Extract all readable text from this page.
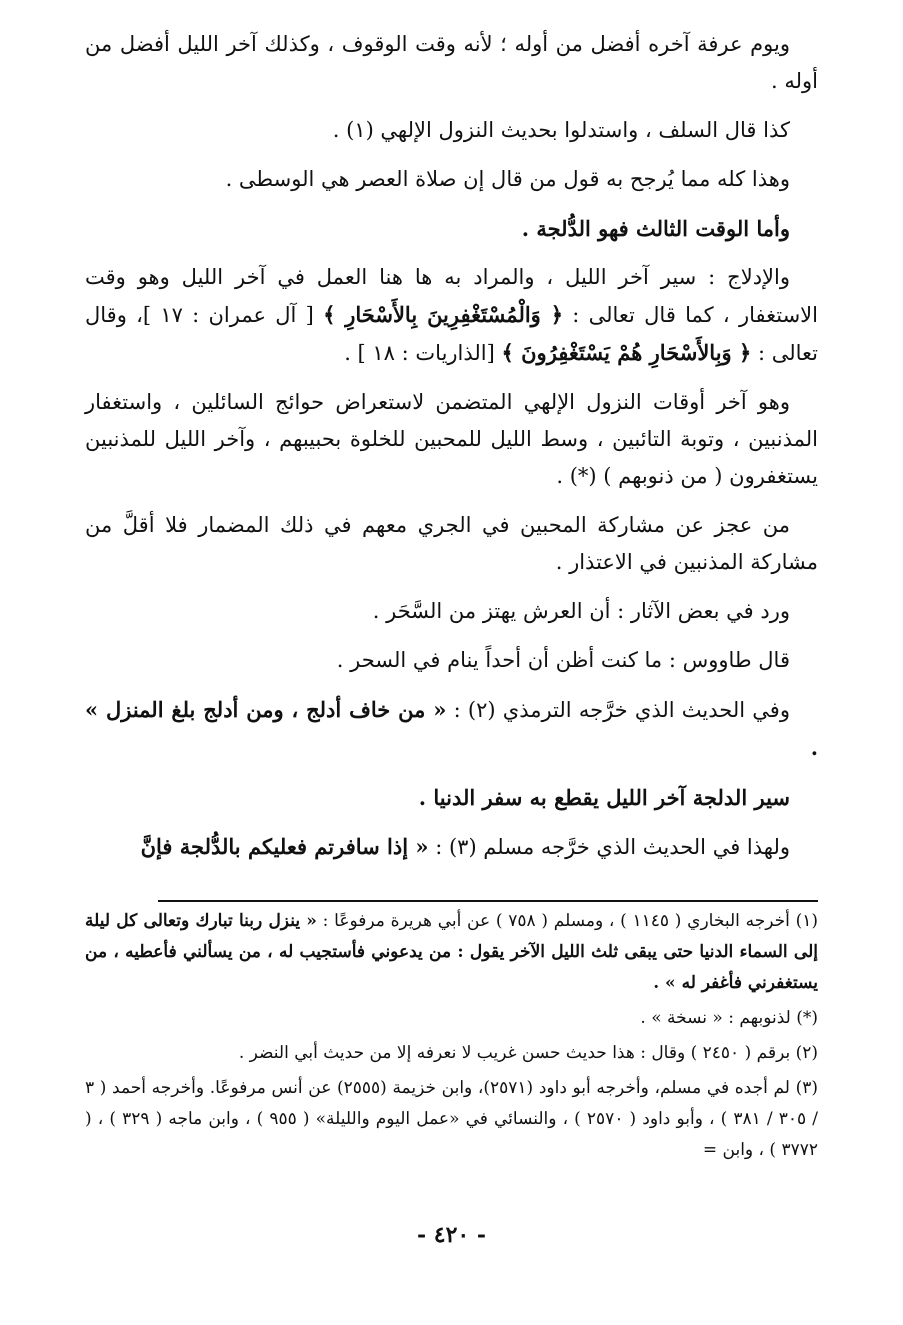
ويوم عرفة آخره أفضل من أوله ؛ لأنه وقت الوقوف ، وكذلك آخر الليل أفضل من أوله .

كذا قال السلف ، واستدلوا بحديث النزول الإلهي (١) .

وهذا كله مما يُرجح به قول من قال إن صلاة العصر هي الوسطى .

وأما الوقت الثالث فهو الدُّلجة .

والإدلاج : سير آخر الليل ، والمراد به ها هنا العمل في آخر الليل وهو وقت الاستغفار ، كما قال تعالى : ﴿ وَالْمُسْتَغْفِرِينَ بِالأَسْحَارِ ﴾ [ آل عمران : ١٧ ]، وقال تعالى : ﴿ وَبِالأَسْحَارِ هُمْ يَسْتَغْفِرُونَ ﴾ [الذاريات : ١٨ ] .

وهو آخر أوقات النزول الإلهي المتضمن لاستعراض حوائج السائلين ، واستغفار المذنبين ، وتوبة التائبين ، وسط الليل للمحبين للخلوة بحبيبهم ، وآخر الليل للمذنبين يستغفرون ( من ذنوبهم ) (*) .

من عجز عن مشاركة المحبين في الجري معهم في ذلك المضمار فلا أقلَّ من مشاركة المذنبين في الاعتذار .

ورد في بعض الآثار : أن العرش يهتز من السَّحَر .

قال طاووس : ما كنت أظن أن أحداً ينام في السحر .

وفي الحديث الذي خرَّجه الترمذي (٢) : « من خاف أدلج ، ومن أدلج بلغ المنزل » .

سير الدلجة آخر الليل يقطع به سفر الدنيا .

ولهذا في الحديث الذي خرَّجه مسلم (٣) : « إذا سافرتم فعليكم بالدُّلجة فإنَّ

(١) أخرجه البخاري ( ١١٤٥ ) ، ومسلم ( ٧٥٨ ) عن أبي هريرة مرفوعًا : « ينزل ربنا تبارك وتعالى كل ليلة إلى السماء الدنيا حتى يبقى ثلث الليل الآخر يقول : من يدعوني فأستجيب له ، من يسألني فأعطيه ، من يستغفرني فأغفر له » .

(*) لذنوبهم : « نسخة » .

(٢) برقم ( ٢٤٥٠ ) وقال : هذا حديث حسن غريب لا نعرفه إلا من حديث أبي النضر .

(٣) لم أجده في مسلم، وأخرجه أبو داود (٢٥٧١)، وابن خزيمة (٢٥٥٥) عن أنس مرفوعًا. وأخرجه أحمد ( ٣ / ٣٠٥ / ٣٨١ ) ، وأبو داود ( ٢٥٧٠ ) ، والنسائي في «عمل اليوم والليلة» ( ٩٥٥ ) ، وابن ماجه ( ٣٢٩ ) ، ( ٣٧٧٢ ) ، وابن =

- ٤٢٠ -
